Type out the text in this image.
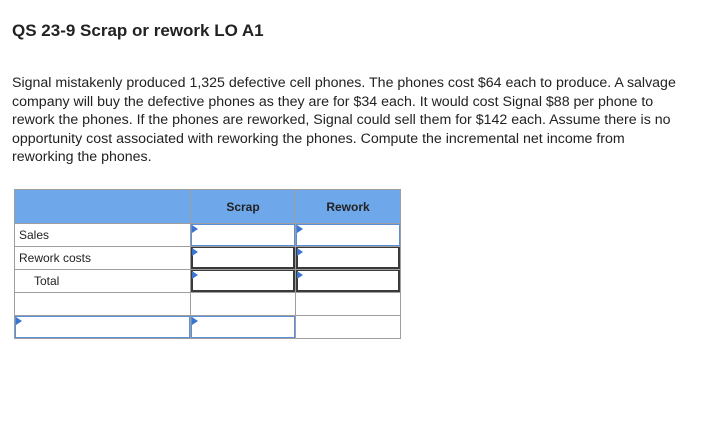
QS 23-9 Scrap or rework LO A1

Signal mistakenly produced 1,325 defective cell phones. The phones cost $64 each to produce. A salvage company will buy the defective phones as they are for $34 each. It would cost Signal $88 per phone to rework the phones. If the phones are reworked, Signal could sell them for $142 each. Assume there is no opportunity cost associated with reworking the phones. Compute the incremental net income from reworking the phones.

	Scrap	Rework
Sales	

Rework costs	

Total	
